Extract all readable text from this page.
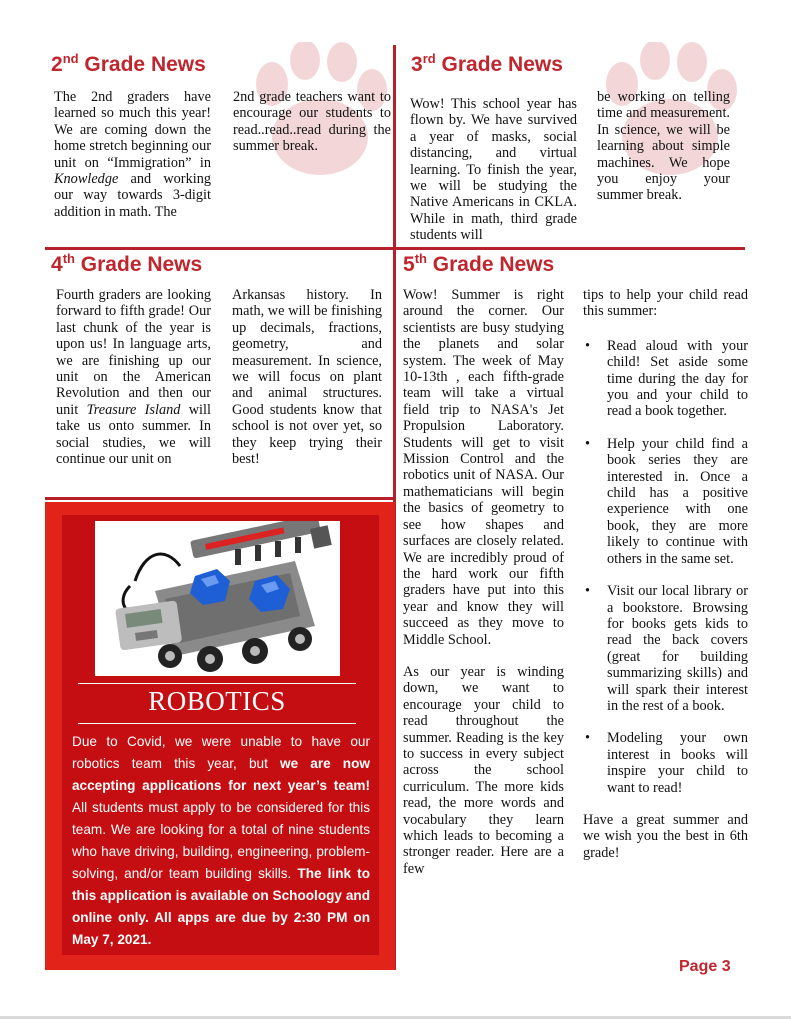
2nd Grade News

The 2nd graders have learned so much this year! We are coming down the home stretch beginning our unit on “Immigration” in Knowledge and working our way towards 3-digit addition in math. The

2nd grade teachers want to encourage our students to read..read..read during the summer break.

3rd Grade News

Wow! This school year has flown by. We have survived a year of masks, social distancing, and virtual learning. To finish the year, we will be studying the Native Americans in CKLA. While in math, third grade students will

be working on telling time and measurement. In science, we will be learning about simple machines. We hope you enjoy your summer break.

4th Grade News

Fourth graders are looking forward to fifth grade! Our last chunk of the year is upon us! In language arts, we are finishing up our unit on the American Revolution and then our unit Treasure Island will take us onto summer. In social studies, we will continue our unit on

Arkansas history. In math, we will be finishing up decimals, fractions, geometry, and measurement. In science, we will focus on plant and animal structures. Good students know that school is not over yet, so they keep trying their best!

5th Grade News

Wow! Summer is right around the corner. Our scientists are busy studying the planets and solar system. The week of May 10-13th , each fifth-grade team will take a virtual field trip to NASA's Jet Propulsion Laboratory. Students will get to visit Mission Control and the robotics unit of NASA. Our mathematicians will begin the basics of geometry to see how shapes and surfaces are closely related. We are incredibly proud of the hard work our fifth graders have put into this year and know they will succeed as they move to Middle School.

As our year is winding down, we want to encourage your child to read throughout the summer. Reading is the key to success in every subject across the school curriculum. The more kids read, the more words and vocabulary they learn which leads to becoming a stronger reader. Here are a few

tips to help your child read this summer:

• Read aloud with your child! Set aside some time during the day for you and your child to read a book together.
• Help your child find a book series they are interested in. Once a child has a positive experience with one book, they are more likely to continue with others in the same set.
• Visit our local library or a bookstore. Browsing for books gets kids to read the back covers (great for building summarizing skills) and will spark their interest in the rest of a book.
• Modeling your own interest in books will inspire your child to want to read!

Have a great summer and we wish you the best in 6th grade!

ROBOTICS
Due to Covid, we were unable to have our robotics team this year, but we are now accepting applications for next year’s team! All students must apply to be considered for this team. We are looking for a total of nine students who have driving, building, engineering, problem-solving, and/or team building skills. The link to this application is available on Schoology and online only. All apps are due by 2:30 PM on May 7, 2021.
Page 3
